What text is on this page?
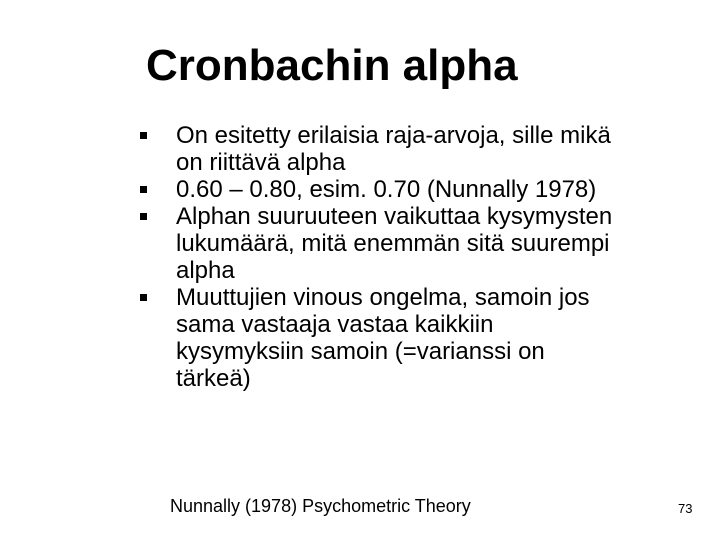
Cronbachin alpha
On esitetty erilaisia raja-arvoja, sille mikä on riittävä alpha
0.60 – 0.80, esim. 0.70 (Nunnally 1978)
Alphan suuruuteen vaikuttaa kysymysten lukumäärä, mitä enemmän sitä suurempi alpha
Muuttujien vinous ongelma, samoin jos sama vastaaja vastaa kaikkiin kysymyksiin samoin (=varianssi on tärkeä)
Nunnally (1978) Psychometric Theory	73
